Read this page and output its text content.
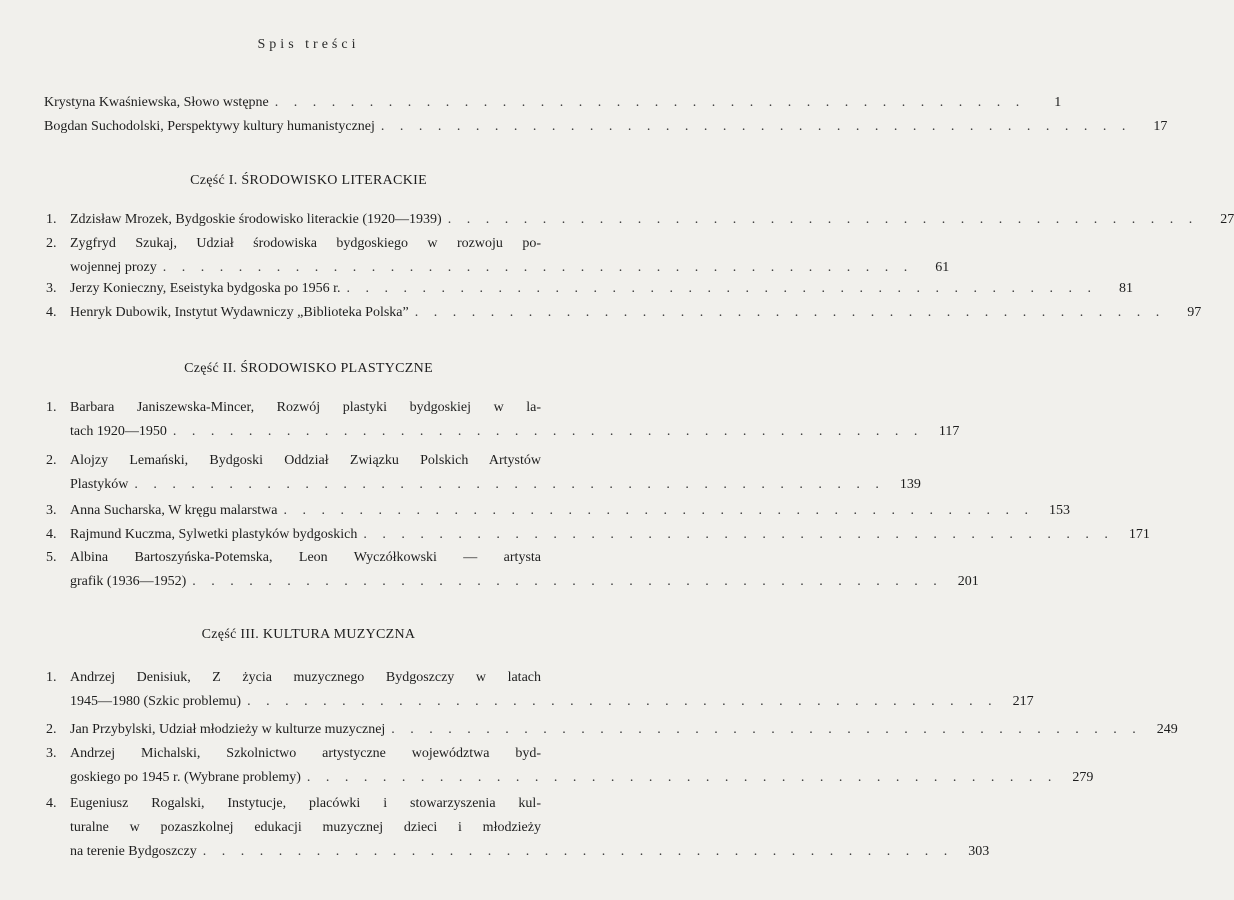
Spis treści
Krystyna Kwaśniewska, Słowo wstępne . . . . . . . . . . . . . . . . . . . . . . . . . . . . . . . . . . . . . . . .	1
Bogdan Suchodolski, Perspektywy kultury humanistycznej . . . . . . . . . . . . . . . . . . . . . . . . . . . . . . . . . . . . . . . .	17
Część I. ŚRODOWISKO LITERACKIE
1. Zdzisław Mrozek, Bydgoskie środowisko literackie (1920—1939) . . . . . . . . . . . . . . . . . . . . . . . . . . . . . . . . . . . . . . . .	27
2. Zygfryd Szukaj, Udział środowiska bydgoskiego w rozwoju po-
wojennej prozy . . . . . . . . . . . . . . . . . . . . . . . . . . . . . . . . . . . . . . . .	61
3. Jerzy Konieczny, Eseistyka bydgoska po 1956 r. . . . . . . . . . . . . . . . . . . . . . . . . . . . . . . . . . . . . . . . .	81
4. Henryk Dubowik, Instytut Wydawniczy „Biblioteka Polska” . . . . . . . . . . . . . . . . . . . . . . . . . . . . . . . . . . . . . . . .	97
Część II. ŚRODOWISKO PLASTYCZNE
1. Barbara Janiszewska-Mincer, Rozwój plastyki bydgoskiej w la-
tach 1920—1950 . . . . . . . . . . . . . . . . . . . . . . . . . . . . . . . . . . . . . . . .	117
2. Alojzy Lemański, Bydgoski Oddział Związku Polskich Artystów
Plastyków . . . . . . . . . . . . . . . . . . . . . . . . . . . . . . . . . . . . . . . .	139
3. Anna Sucharska, W kręgu malarstwa . . . . . . . . . . . . . . . . . . . . . . . . . . . . . . . . . . . . . . . .	153
4. Rajmund Kuczma, Sylwetki plastyków bydgoskich . . . . . . . . . . . . . . . . . . . . . . . . . . . . . . . . . . . . . . . .	171
5. Albina Bartoszyńska-Potemska, Leon Wyczółkowski — artysta
grafik (1936—1952) . . . . . . . . . . . . . . . . . . . . . . . . . . . . . . . . . . . . . . . .	201
Część III. KULTURA MUZYCZNA
1. Andrzej Denisiuk, Z życia muzycznego Bydgoszczy w latach
1945—1980 (Szkic problemu) . . . . . . . . . . . . . . . . . . . . . . . . . . . . . . . . . . . . . . . .	217
2. Jan Przybylski, Udział młodzieży w kulturze muzycznej . . . . . . . . . . . . . . . . . . . . . . . . . . . . . . . . . . . . . . . .	249
3. Andrzej Michalski, Szkolnictwo artystyczne województwa byd-
goskiego po 1945 r. (Wybrane problemy) . . . . . . . . . . . . . . . . . . . . . . . . . . . . . . . . . . . . . . . .	279
4. Eugeniusz Rogalski, Instytucje, placówki i stowarzyszenia kul-
turalne w pozaszkolnej edukacji muzycznej dzieci i młodzieży
na terenie Bydgoszczy . . . . . . . . . . . . . . . . . . . . . . . . . . . . . . . . . . . . . . . .	303
